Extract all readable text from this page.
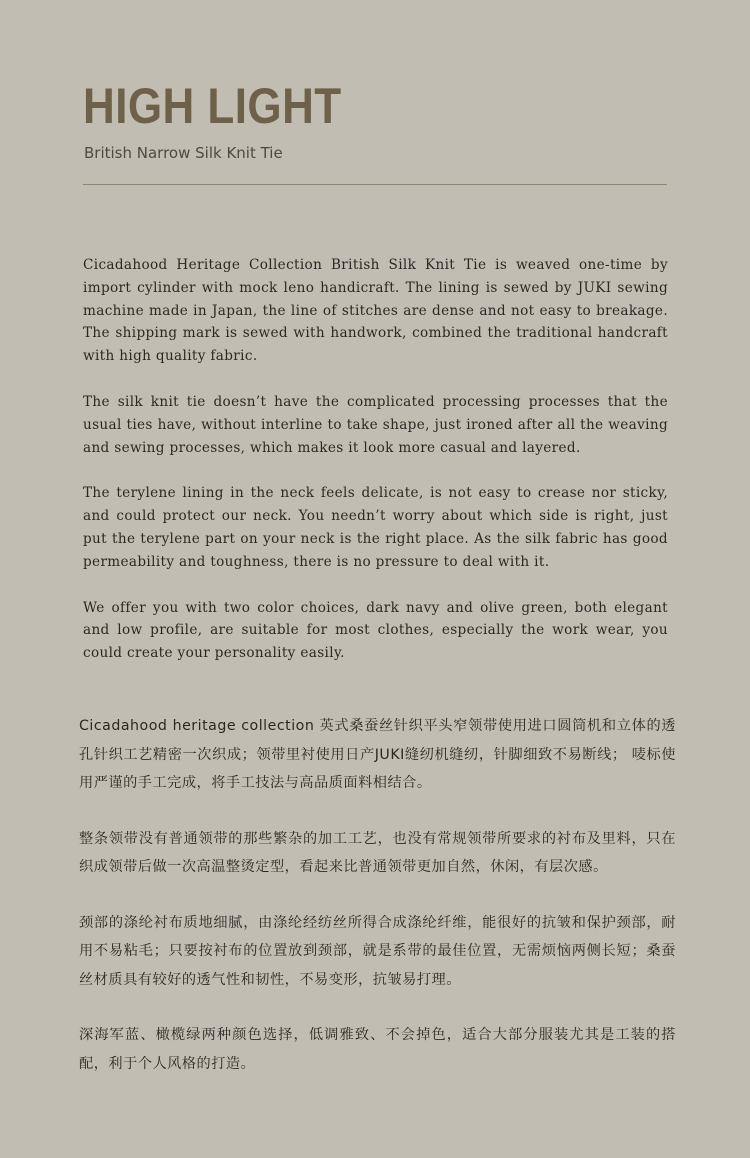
HIGH LIGHT

British Narrow Silk Knit Tie

Cicadahood Heritage Collection British Silk Knit Tie is weaved one-time by import cylinder with mock leno handicraft. The lining is sewed by JUKI sewing machine made in Japan, the line of stitches are dense and not easy to breakage. The shipping mark is sewed with handwork, combined the traditional handcraft with high quality fabric.

The silk knit tie doesn’t have the complicated processing processes that the usual ties have, without interline to take shape, just ironed after all the weaving and sewing processes, which makes it look more casual and layered.

The terylene lining in the neck feels delicate, is not easy to crease nor sticky, and could protect our neck. You needn’t worry about which side is right, just put the terylene part on your neck is the right place. As the silk fabric has good permeability and toughness, there is no pressure to deal with it.

We offer you with two color choices, dark navy and olive green, both elegant and low profile, are suitable for most clothes, especially the work wear, you could create your personality easily.

Cicadahood heritage collection 英式桑蚕丝针织平头窄领带使用进口圆筒机和立体的透孔针织工艺精密一次织成；领带里衬使用日产JUKI缝纫机缝纫，针脚细致不易断线； 唛标使用严谨的手工完成，将手工技法与高品质面料相结合。

整条领带没有普通领带的那些繁杂的加工工艺，也没有常规领带所要求的衬布及里料，只在织成领带后做一次高温整烫定型，看起来比普通领带更加自然，休闲，有层次感。

颈部的涤纶衬布质地细腻，由涤纶经纺丝所得合成涤纶纤维，能很好的抗皱和保护颈部，耐用不易粘毛；只要按衬布的位置放到颈部，就是系带的最佳位置，无需烦恼两侧长短；桑蚕丝材质具有较好的透气性和韧性，不易变形，抗皱易打理。

深海军蓝、橄榄绿两种颜色选择，低调雅致、不会掉色，适合大部分服装尤其是工装的搭配，利于个人风格的打造。
